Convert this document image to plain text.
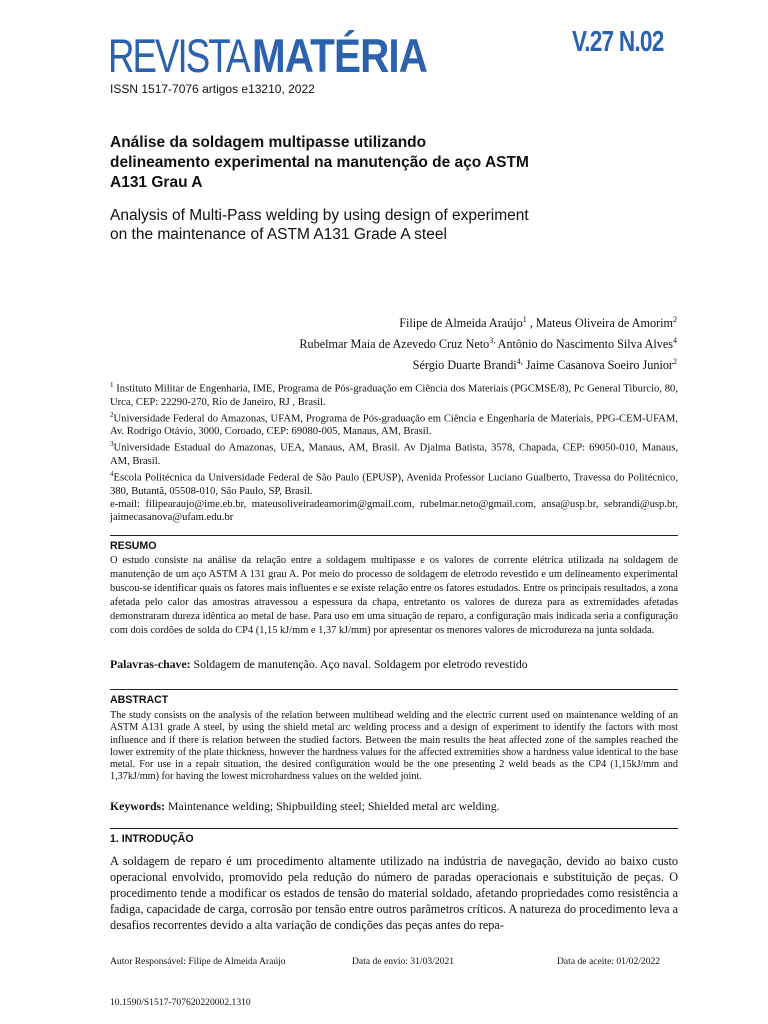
REVISTAMATÉRIA	V.27 N.02
ISSN 1517-7076 artigos e13210, 2022
Análise da soldagem multipasse utilizando delineamento experimental na manutenção de aço ASTM A131 Grau A
Analysis of Multi-Pass welding by using design of experiment on the maintenance of ASTM A131 Grade A steel
Filipe de Almeida Araújo$^1$ , Mateus Oliveira de Amorim$^2$
Rubelmar Maia de Azevedo Cruz Neto$^{3,}$ Antônio do Nascimento Silva Alves$^4$
Sérgio Duarte Brandi$^{4,}$ Jaime Casanova Soeiro Junior$^2$

$^1$ Instituto Militar de Engenharia, IME, Programa de Pós-graduação em Ciência dos Materiais (PGCMSE/8), Pc General Tiburcio, 80, Urca, CEP: 22290-270, Rio de Janeiro, RJ , Brasil.

$^2$Universidade Federal do Amazonas, UFAM, Programa de Pós-graduação em Ciência e Engenharia de Materiais, PPG-CEM-UFAM, Av. Rodrigo Otávio, 3000, Coroado, CEP: 69080-005, Manaus, AM, Brasil.

$^3$Universidade Estadual do Amazonas, UEA, Manaus, AM, Brasil. Av Djalma Batista, 3578, Chapada, CEP: 69050-010, Manaus, AM, Brasil.

$^4$Escola Politécnica da Universidade Federal de São Paulo (EPUSP), Avenida Professor Luciano Gualberto, Travessa do Politécnico, 380, Butantã, 05508-010, São Paulo, SP, Brasil.

e-mail: filipearaujo@ime.eb.br, mateusoliveiradeamorim@gmail.com, rubelmar.neto@gmail.com, ansa@usp.br, sebrandi@usp.br, jaimecasanova@ufam.edu.br

RESUMO
O estudo consiste na análise da relação entre a soldagem multipasse e os valores de corrente elétrica utilizada na soldagem de manutenção de um aço ASTM A 131 grau A. Por meio do processo de soldagem de eletrodo revestido e um delineamento experimental buscou-se identificar quais os fatores mais influentes e se existe relação entre os fatores estudados. Entre os principais resultados, a zona afetada pelo calor das amostras atravessou a espessura da chapa, entretanto os valores de dureza para as extremidades afetadas demonstraram dureza idêntica ao metal de base. Para uso em uma situação de reparo, a configuração mais indicada seria a configuração com dois cordões de solda do CP4 (1,15 kJ/mm e 1,37 kJ/mm) por apresentar os menores valores de microdureza na junta soldada.
Palavras-chave: Soldagem de manutenção. Aço naval. Soldagem por eletrodo revestido
ABSTRACT
The study consists on the analysis of the relation between multibead welding and the electric current used on maintenance welding of an ASTM A131 grade A steel, by using the shield metal arc welding process and a design of experiment to identify the factors with most influence and if there is relation between the studied factors. Between the main results the heat affected zone of the samples reached the lower extremity of the plate thickness, however the hardness values for the affected extremities show a hardness value identical to the base metal. For use in a repair situation, the desired configuration would be the one presenting 2 weld beads as the CP4 (1,15kJ/mm and 1,37kJ/mm) for having the lowest microhardness values on the welded joint.
Keywords: Maintenance welding; Shipbuilding steel; Shielded metal arc welding.
1. INTRODUÇÃO
A soldagem de reparo é um procedimento altamente utilizado na indústria de navegação, devido ao baixo custo operacional envolvido, promovido pela redução do número de paradas operacionais e substituição de peças. O procedimento tende a modificar os estados de tensão do material soldado, afetando propriedades como resistência a fadiga, capacidade de carga, corrosão por tensão entre outros parâmetros críticos. A natureza do procedimento leva a desafios recorrentes devido a alta variação de condições das peças antes do repa-
Autor Responsável: Filipe de Almeida Araújo	Data de envio: 31/03/2021	Data de aceite: 01/02/2022
10.1590/S1517-707620220002.1310
